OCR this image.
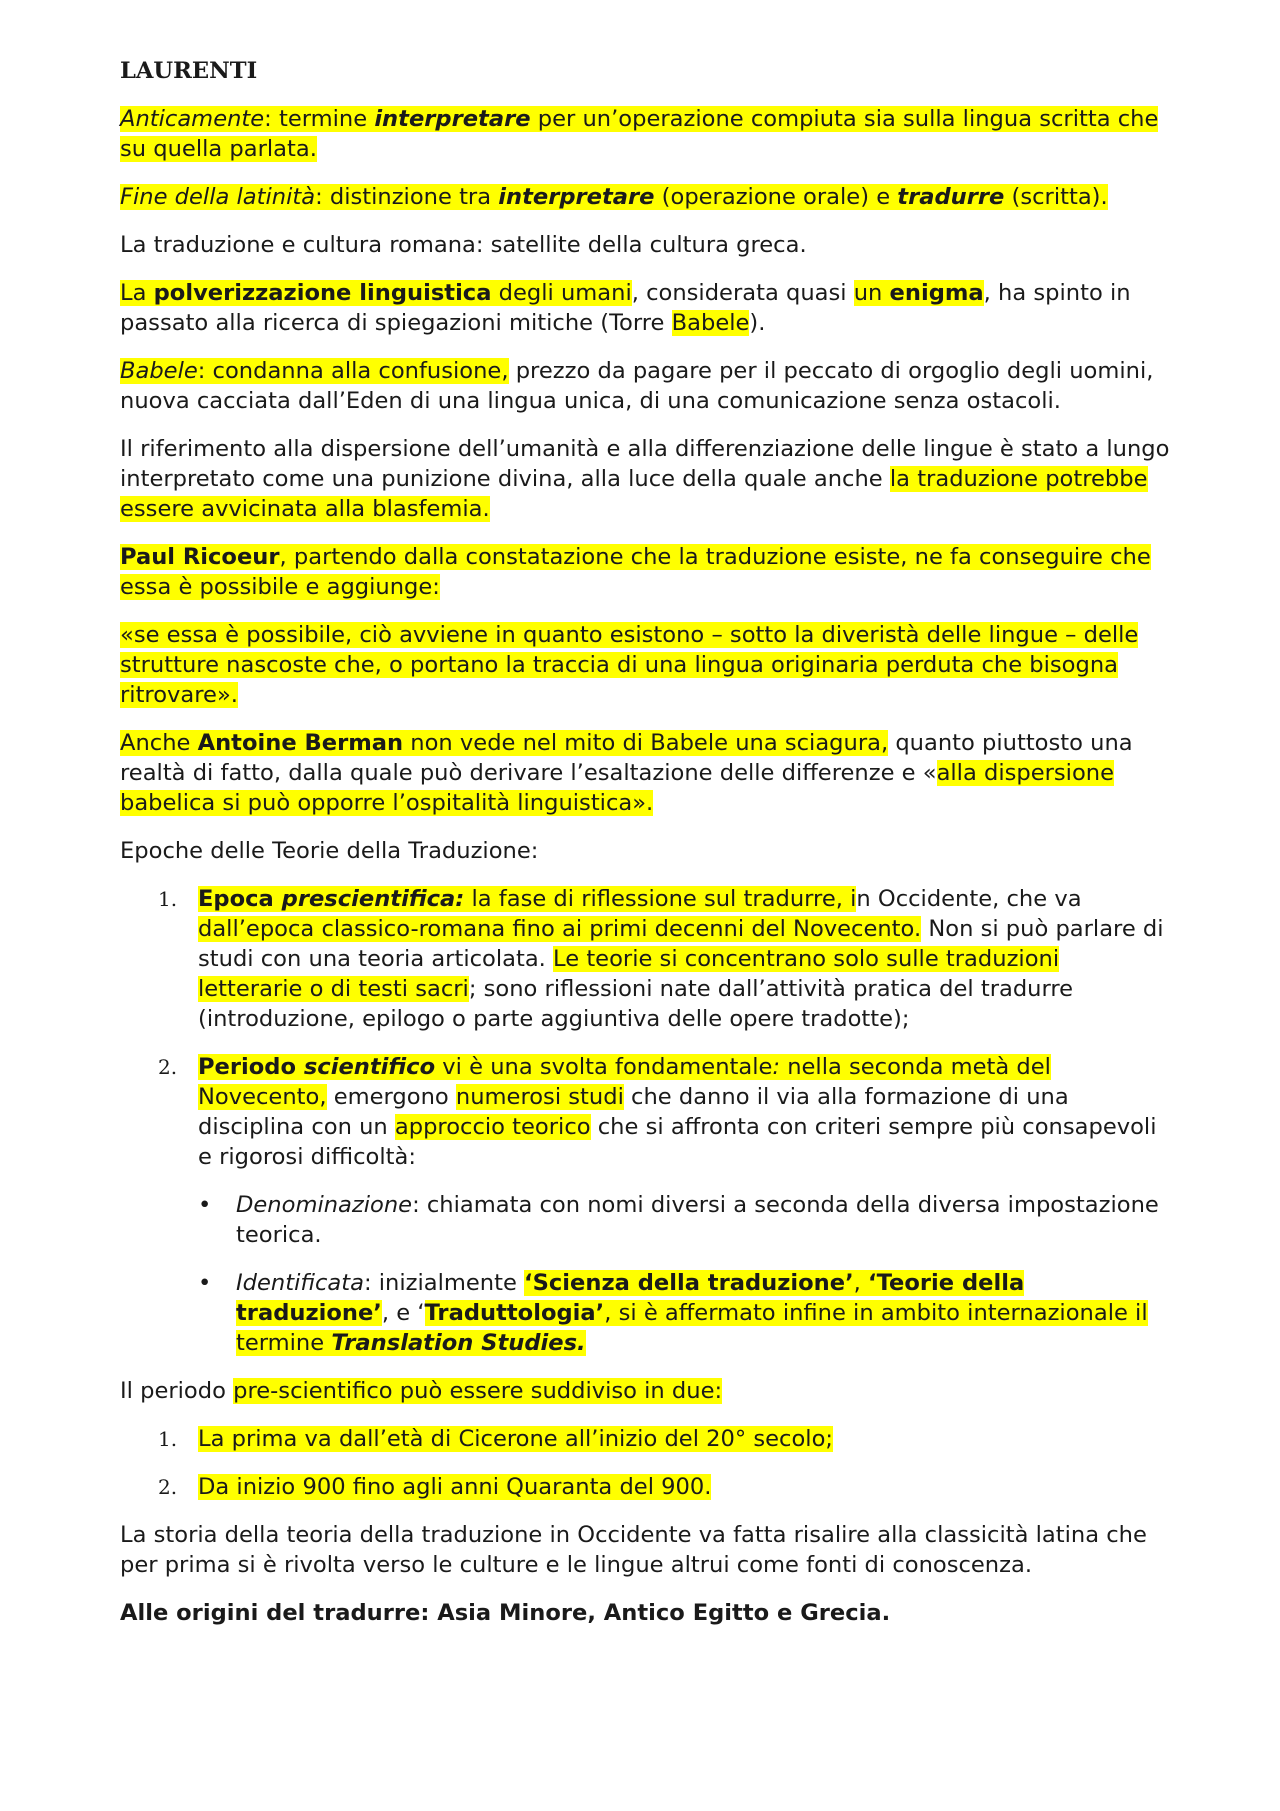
LAURENTI

Anticamente: termine interpretare per un’operazione compiuta sia sulla lingua scritta che su quella parlata.

Fine della latinità: distinzione tra interpretare (operazione orale) e tradurre (scritta).

La traduzione e cultura romana: satellite della cultura greca.

La polverizzazione linguistica degli umani, considerata quasi un enigma, ha spinto in passato alla ricerca di spiegazioni mitiche (Torre Babele).

Babele: condanna alla confusione, prezzo da pagare per il peccato di orgoglio degli uomini, nuova cacciata dall’Eden di una lingua unica, di una comunicazione senza ostacoli.

Il riferimento alla dispersione dell’umanità e alla differenziazione delle lingue è stato a lungo interpretato come una punizione divina, alla luce della quale anche la traduzione potrebbe essere avvicinata alla blasfemia.

Paul Ricoeur, partendo dalla constatazione che la traduzione esiste, ne fa conseguire che essa è possibile e aggiunge:

«se essa è possibile, ciò avviene in quanto esistono – sotto la diveristà delle lingue – delle strutture nascoste che, o portano la traccia di una lingua originaria perduta che bisogna ritrovare».

Anche Antoine Berman non vede nel mito di Babele una sciagura, quanto piuttosto una realtà di fatto, dalla quale può derivare l’esaltazione delle differenze e «alla dispersione babelica si può opporre l’ospitalità linguistica».

Epoche delle Teorie della Traduzione:

1. Epoca prescientifica: la fase di riflessione sul tradurre, in Occidente, che va dall’epoca classico-romana fino ai primi decenni del Novecento. Non si può parlare di studi con una teoria articolata. Le teorie si concentrano solo sulle traduzioni letterarie o di testi sacri; sono riflessioni nate dall’attività pratica del tradurre (introduzione, epilogo o parte aggiuntiva delle opere tradotte);
2. Periodo scientifico vi è una svolta fondamentale: nella seconda metà del Novecento, emergono numerosi studi che danno il via alla formazione di una disciplina con un approccio teorico che si affronta con criteri sempre più consapevoli e rigorosi difficoltà:
• Denominazione: chiamata con nomi diversi a seconda della diversa impostazione teorica.
• Identificata: inizialmente ‘Scienza della traduzione’, ‘Teorie della traduzione’, e ‘Traduttologia’, si è affermato infine in ambito internazionale il termine Translation Studies.

Il periodo pre-scientifico può essere suddiviso in due:

1. La prima va dall’età di Cicerone all’inizio del 20° secolo;
2. Da inizio 900 fino agli anni Quaranta del 900.

La storia della teoria della traduzione in Occidente va fatta risalire alla classicità latina che per prima si è rivolta verso le culture e le lingue altrui come fonti di conoscenza.

Alle origini del tradurre: Asia Minore, Antico Egitto e Grecia.
